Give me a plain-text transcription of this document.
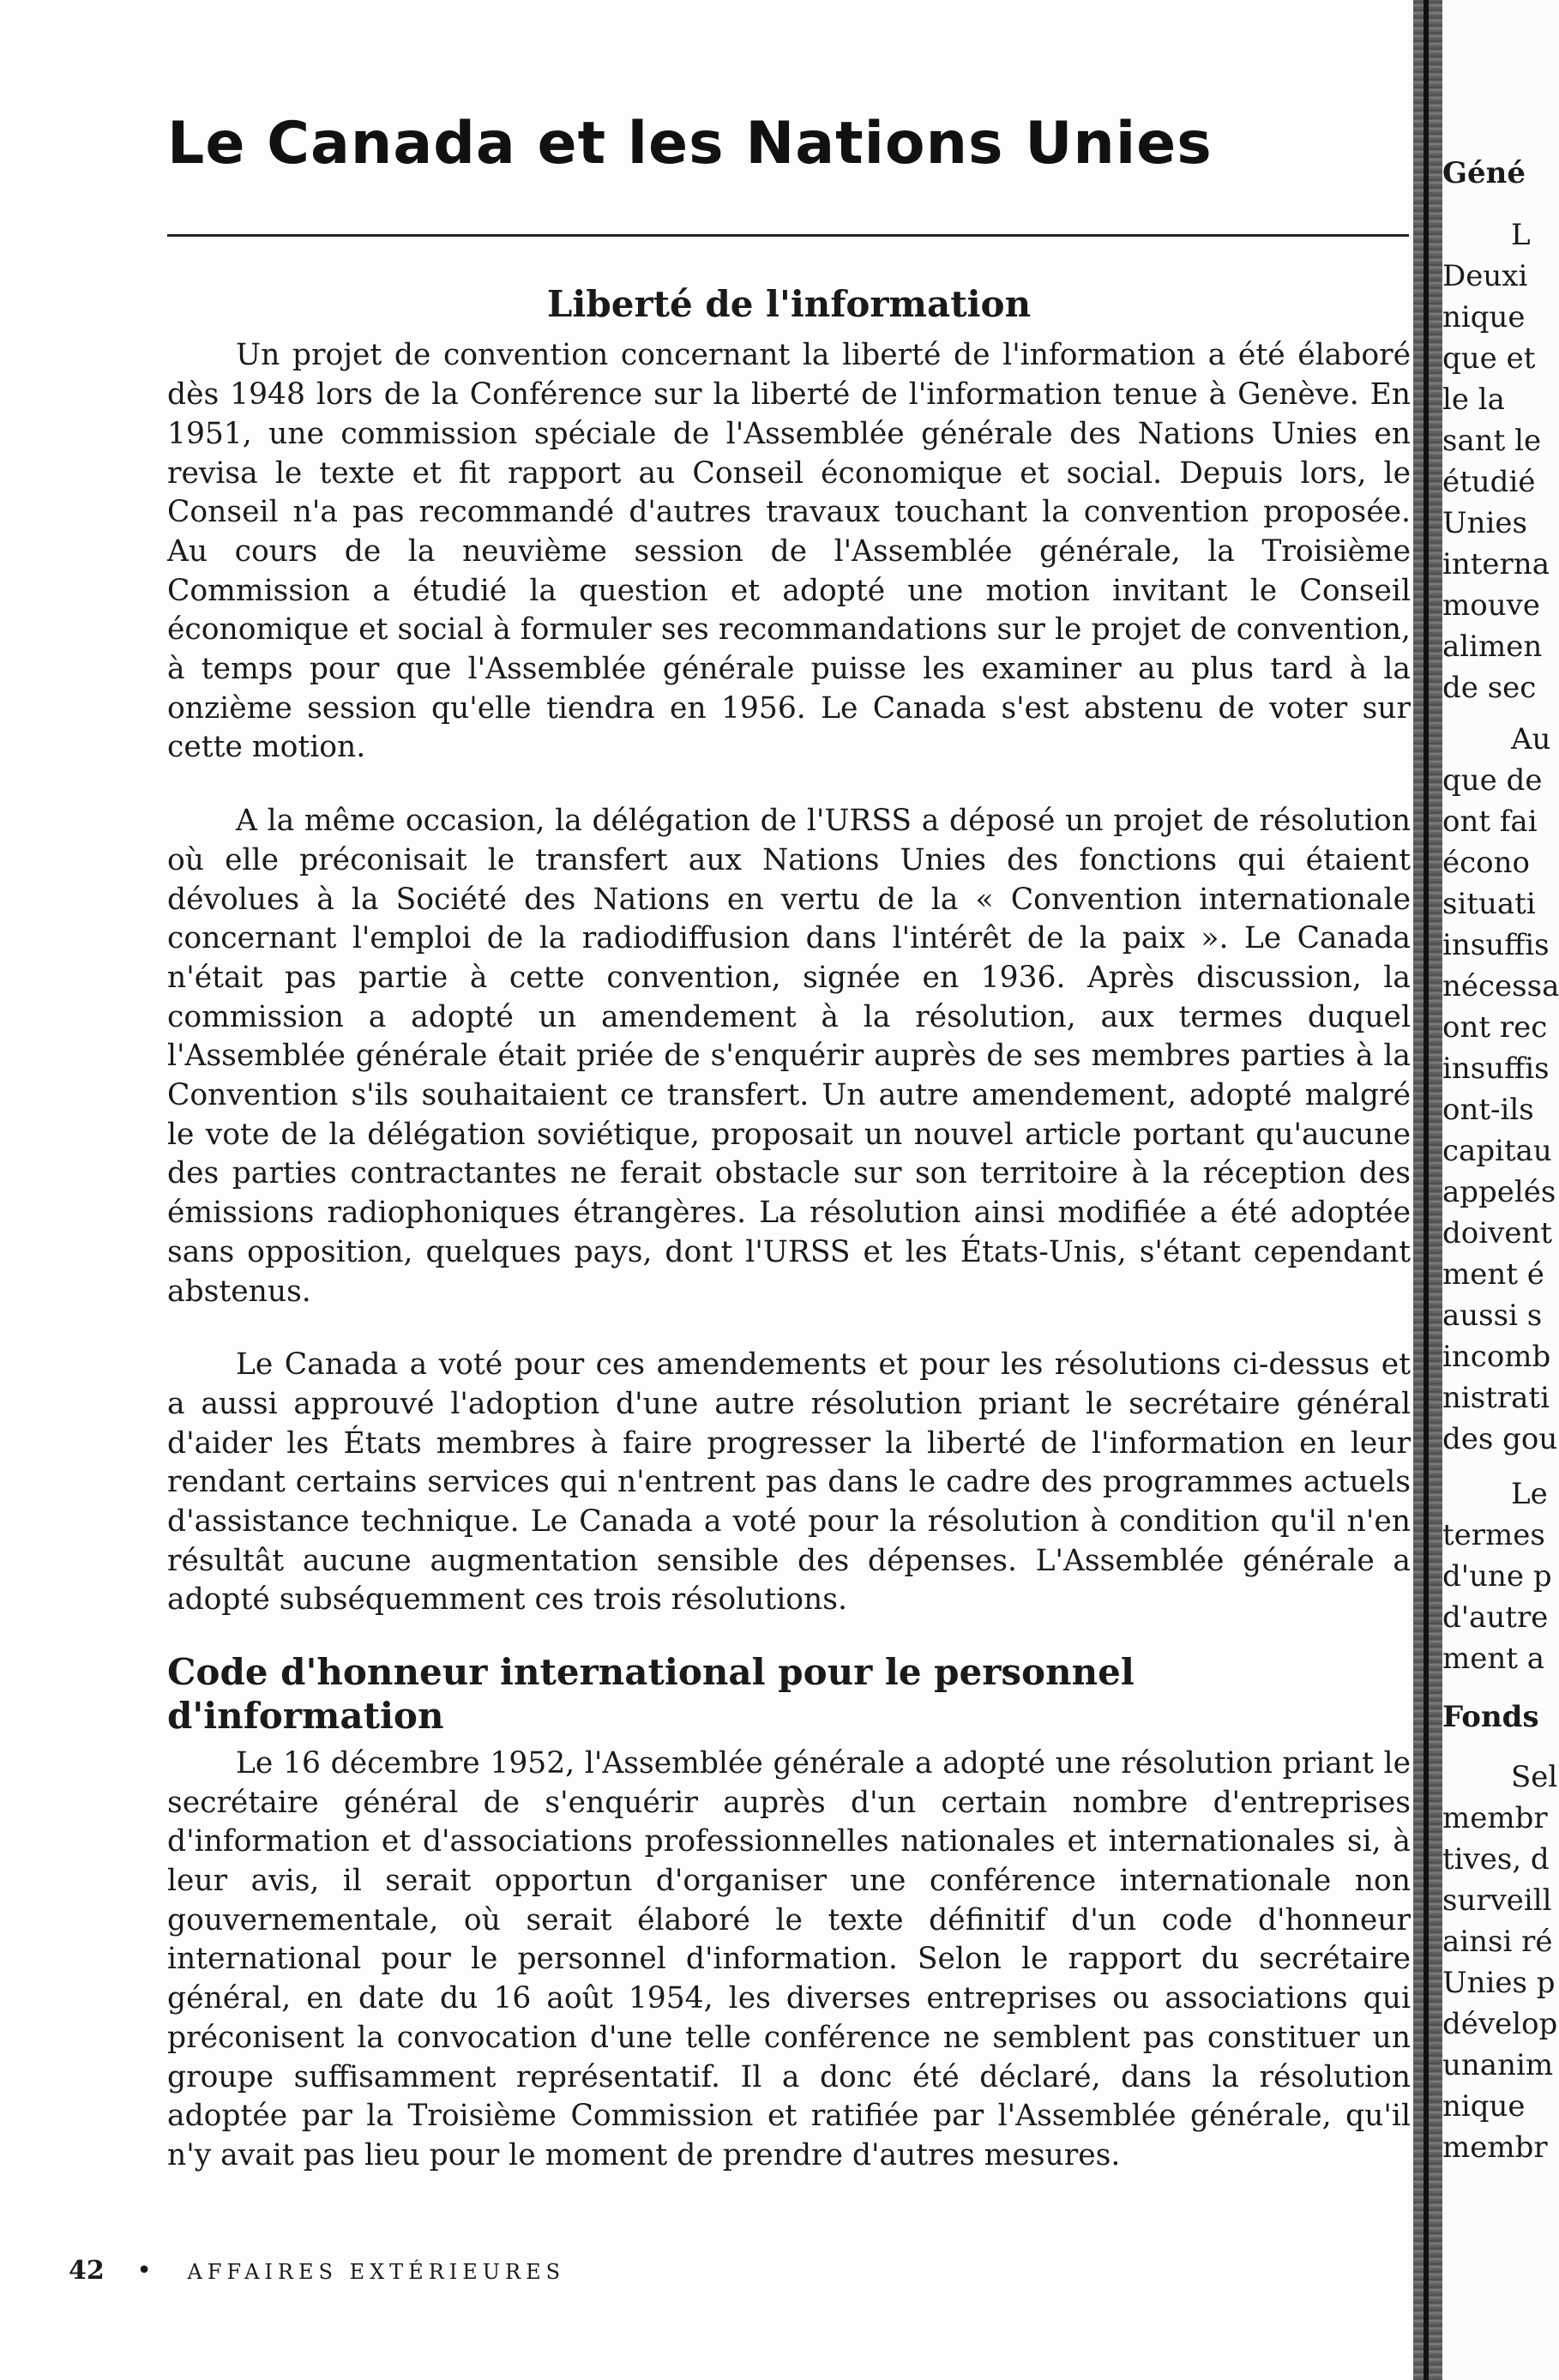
Le Canada et les Nations Unies
Liberté de l'information

Un projet de convention concernant la liberté de l'information a été élaboré dès 1948 lors de la Conférence sur la liberté de l'information tenue à Genève. En 1951, une commission spéciale de l'Assemblée générale des Nations Unies en revisa le texte et fit rapport au Conseil économique et social. Depuis lors, le Conseil n'a pas recommandé d'autres travaux touchant la convention proposée. Au cours de la neuvième session de l'Assemblée générale, la Troisième Commission a étudié la question et adopté une motion invitant le Conseil économique et social à formuler ses recommandations sur le projet de convention, à temps pour que l'Assemblée générale puisse les examiner au plus tard à la onzième session qu'elle tiendra en 1956. Le Canada s'est abstenu de voter sur cette motion.

A la même occasion, la délégation de l'URSS a déposé un projet de résolution où elle préconisait le transfert aux Nations Unies des fonctions qui étaient dévolues à la Société des Nations en vertu de la « Convention internationale concernant l'emploi de la radiodiffusion dans l'intérêt de la paix ». Le Canada n'était pas partie à cette convention, signée en 1936. Après discussion, la commission a adopté un amendement à la résolution, aux termes duquel l'Assemblée générale était priée de s'enquérir auprès de ses membres parties à la Convention s'ils souhaitaient ce transfert. Un autre amendement, adopté malgré le vote de la délégation soviétique, proposait un nouvel article portant qu'aucune des parties contractantes ne ferait obstacle sur son territoire à la réception des émissions radiophoniques étrangères. La résolution ainsi modifiée a été adoptée sans opposition, quelques pays, dont l'URSS et les États-Unis, s'étant cependant abstenus.

Le Canada a voté pour ces amendements et pour les résolutions ci-dessus et a aussi approuvé l'adoption d'une autre résolution priant le secrétaire général d'aider les États membres à faire progresser la liberté de l'information en leur rendant certains services qui n'entrent pas dans le cadre des programmes actuels d'assistance technique. Le Canada a voté pour la résolution à condition qu'il n'en résultât aucune augmentation sensible des dépenses. L'Assemblée générale a adopté subséquemment ces trois résolutions.

Code d'honneur international pour le personnel d'information

Le 16 décembre 1952, l'Assemblée générale a adopté une résolution priant le secrétaire général de s'enquérir auprès d'un certain nombre d'entreprises d'information et d'associations professionnelles nationales et internationales si, à leur avis, il serait opportun d'organiser une conférence internationale non gouvernementale, où serait élaboré le texte définitif d'un code d'honneur international pour le personnel d'information. Selon le rapport du secrétaire général, en date du 16 août 1954, les diverses entreprises ou associations qui préconisent la convocation d'une telle conférence ne semblent pas constituer un groupe suffisamment représentatif. Il a donc été déclaré, dans la résolution adoptée par la Troisième Commission et ratifiée par l'Assemblée générale, qu'il n'y avait pas lieu pour le moment de prendre d'autres mesures.

42 • AFFAIRES EXTÉRIEURES
Géné
L
Deuxi
nique
que et
le la
sant le
étudié
Unies
interna
mouve
alimen
de sec
Au
que de
ont fai
écono
situati
insuffis
nécessa
ont rec
insuffis
ont-ils
capitau
appelés
doivent
ment é
aussi s
incomb
nistrati
des gou
Le
termes
d'une p
d'autre
ment a
Fonds
Sel
membr
tives, d
surveill
ainsi ré
Unies p
dévelop
unanim
nique
membr
